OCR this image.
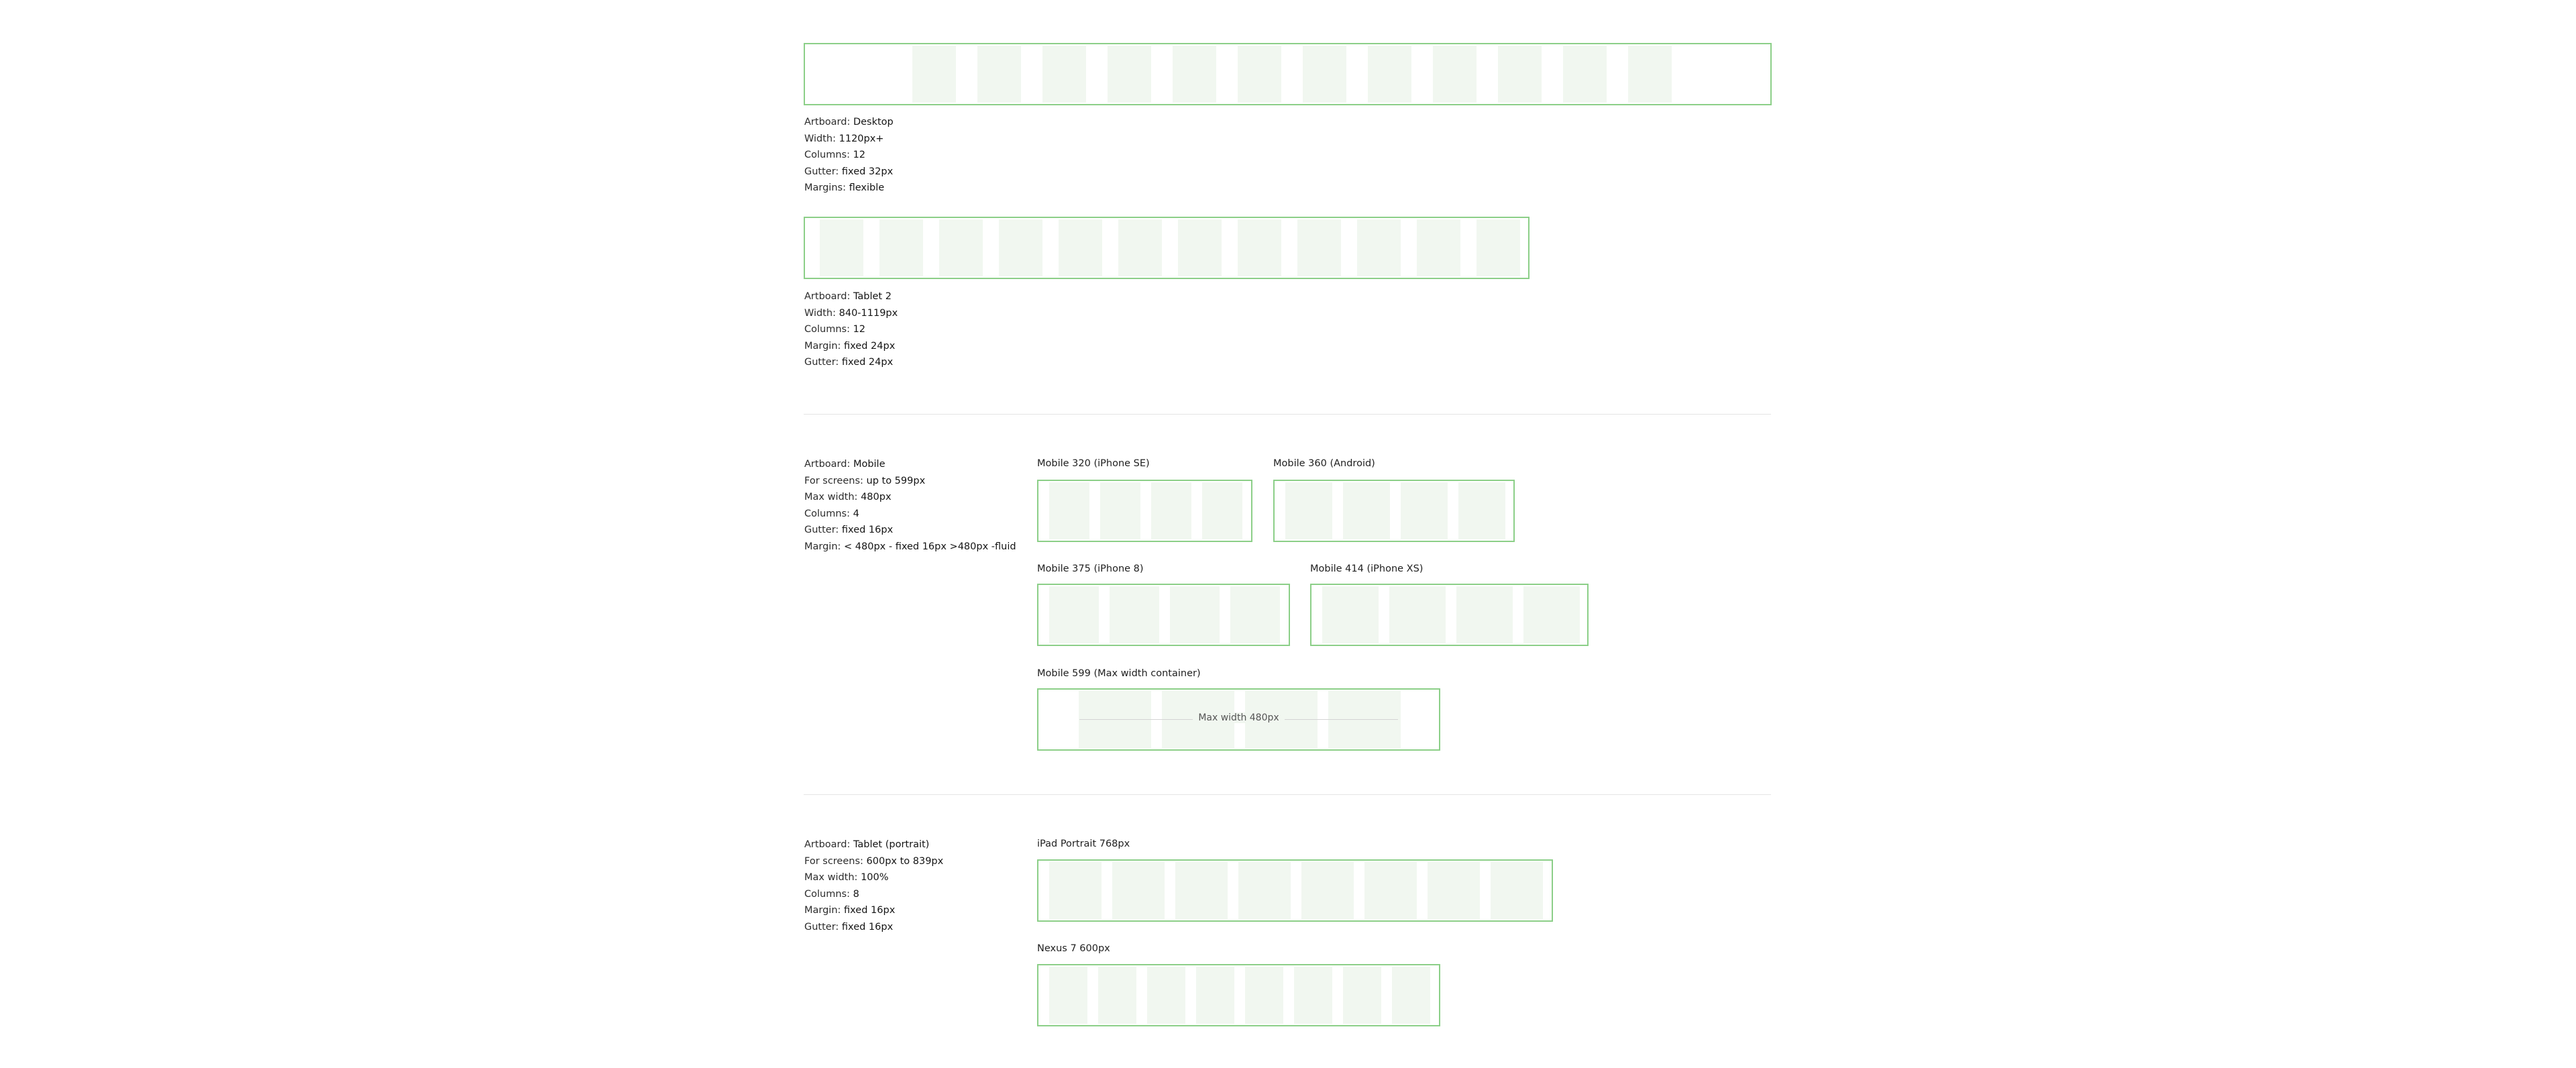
Artboard: Desktop
Width: 1120px+
Columns: 12
Gutter: fixed 32px
Margins: flexible
Artboard: Tablet 2
Width: 840-1119px
Columns: 12
Margin: fixed 24px
Gutter: fixed 24px
Artboard: Mobile
For screens: up to 599px
Max width: 480px
Columns: 4
Gutter: fixed 16px
Margin: < 480px - fixed 16px >480px -fluid
Mobile 320 (iPhone SE)	Mobile 360 (Android)
Mobile 375 (iPhone 8)	Mobile 414 (iPhone XS)
Mobile 599 (Max width container)
Max width 480px
Artboard: Tablet (portrait)
For screens: 600px to 839px
Max width: 100%
Columns: 8
Margin: fixed 16px
Gutter: fixed 16px
iPad Portrait 768px
Nexus 7 600px
